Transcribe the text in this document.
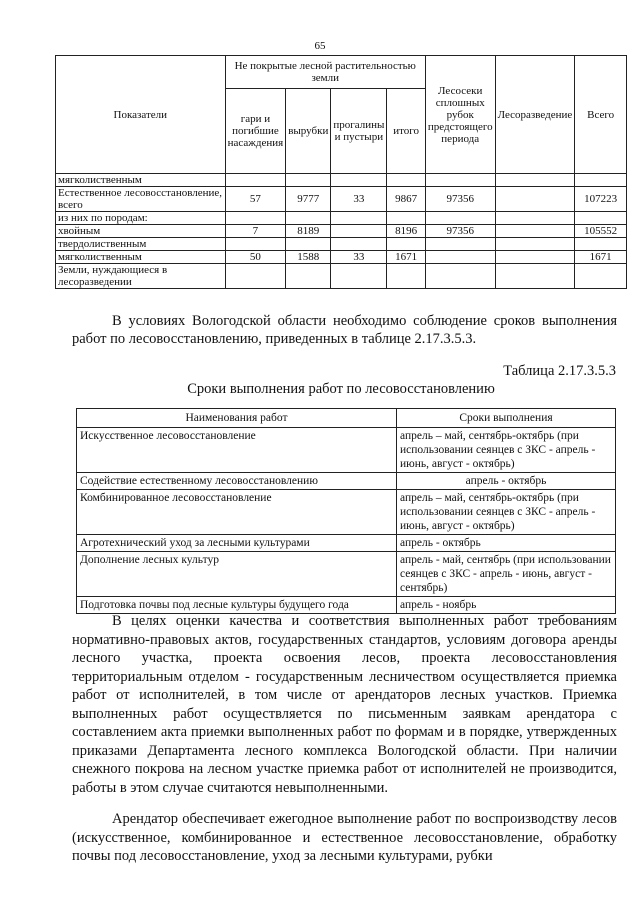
65
Показатели	Не покрытые лесной растительностью земли				Лесосеки сплошных рубок предстоящего периода	Лесоразведение	Всего
	гари и погибшие насаждения	вырубки	прогалины и пустыри	итого			
мягколиственным							
Естественное лесовосстановление, всего	57	9777	33	9867	97356		107223
из них по породам:							
хвойным	7	8189		8196	97356		105552
твердолиственным							
мягколиственным	50	1588	33	1671			1671
Земли, нуждающиеся в лесоразведении							
В условиях Вологодской области необходимо соблюдение сроков выполнения работ по лесовосстановлению, приведенных в таблице 2.17.3.5.3.
Таблица 2.17.3.5.3
Сроки выполнения работ по лесовосстановлению
Наименования работ	Сроки выполнения
Искусственное лесовосстановление	апрель – май, сентябрь-октябрь (при использовании сеянцев с ЗКС - апрель - июнь, август - октябрь)
Содействие естественному лесовосстановлению	апрель - октябрь
Комбинированное лесовосстановление	апрель – май, сентябрь-октябрь (при использовании сеянцев с ЗКС - апрель - июнь, август - октябрь)
Агротехнический уход за лесными культурами	апрель - октябрь
Дополнение лесных культур	апрель - май, сентябрь (при использовании сеянцев с ЗКС - апрель - июнь, август - сентябрь)
Подготовка почвы под лесные культуры будущего года	апрель - ноябрь
В целях оценки качества и соответствия выполненных работ требованиям нормативно-правовых актов, государственных стандартов, условиям договора аренды лесного участка, проекта освоения лесов, проекта лесовосстановления территориальным отделом - государственным лесничеством осуществляется приемка работ от исполнителей, в том числе от арендаторов лесных участков. Приемка выполненных работ осуществляется по письменным заявкам арендатора с составлением акта приемки выполненных работ по формам и в порядке, утвержденных приказами Департамента лесного комплекса Вологодской области. При наличии снежного покрова на лесном участке приемка работ от исполнителей не производится, работы в этом случае считаются невыполненными.
Арендатор обеспечивает ежегодное выполнение работ по воспроизводству лесов (искусственное, комбинированное и естественное лесовосстановление, обработку почвы под лесовосстановление, уход за лесными культурами, рубки
